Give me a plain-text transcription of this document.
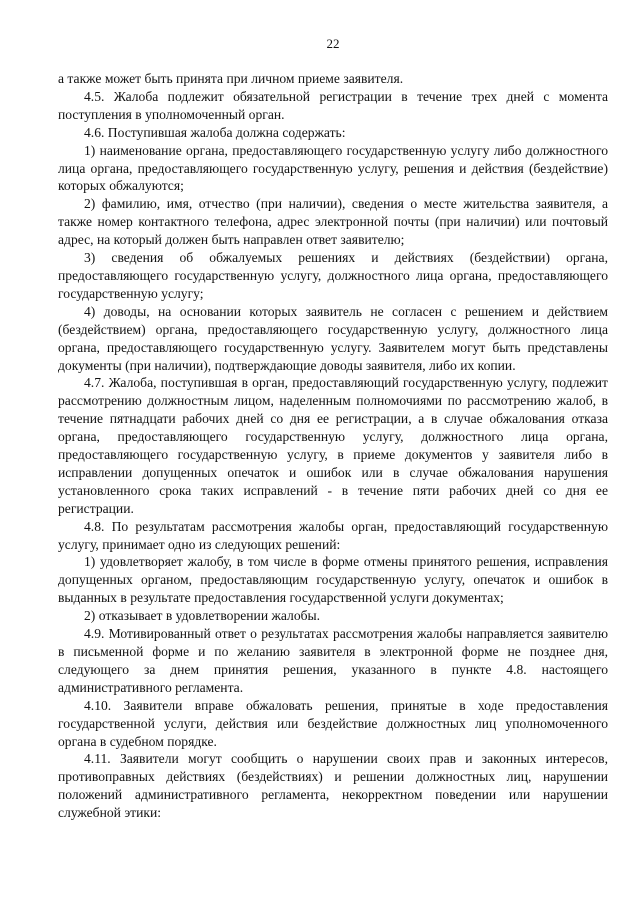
22

а также может быть принята при личном приеме заявителя.

4.5. Жалоба подлежит обязательной регистрации в течение трех дней с момента поступления в уполномоченный орган.

4.6. Поступившая жалоба должна содержать:

1) наименование органа, предоставляющего государственную услугу либо должностного лица органа, предоставляющего государственную услугу, решения и действия (бездействие) которых обжалуются;

2) фамилию, имя, отчество (при наличии), сведения о месте жительства заявителя, а также номер контактного телефона, адрес электронной почты (при наличии) или почтовый адрес, на который должен быть направлен ответ заявителю;

3) сведения об обжалуемых решениях и действиях (бездействии) органа, предоставляющего государственную услугу, должностного лица органа, предоставляющего государственную услугу;

4) доводы, на основании которых заявитель не согласен с решением и действием (бездействием) органа, предоставляющего государственную услугу, должностного лица органа, предоставляющего государственную услугу. Заявителем могут быть представлены документы (при наличии), подтверждающие доводы заявителя, либо их копии.

4.7. Жалоба, поступившая в орган, предоставляющий государственную услугу, подлежит рассмотрению должностным лицом, наделенным полномочиями по рассмотрению жалоб, в течение пятнадцати рабочих дней со дня ее регистрации, а в случае обжалования отказа органа, предоставляющего государственную услугу, должностного лица органа, предоставляющего государственную услугу, в приеме документов у заявителя либо в исправлении допущенных опечаток и ошибок или в случае обжалования нарушения установленного срока таких исправлений - в течение пяти рабочих дней со дня ее регистрации.

4.8. По результатам рассмотрения жалобы орган, предоставляющий государственную услугу, принимает одно из следующих решений:

1) удовлетворяет жалобу, в том числе в форме отмены принятого решения, исправления допущенных органом, предоставляющим государственную услугу, опечаток и ошибок в выданных в результате предоставления государственной услуги документах;

2) отказывает в удовлетворении жалобы.

4.9. Мотивированный ответ о результатах рассмотрения жалобы направляется заявителю в письменной форме и по желанию заявителя в электронной форме не позднее дня, следующего за днем принятия решения, указанного в пункте 4.8. настоящего административного регламента.

4.10. Заявители вправе обжаловать решения, принятые в ходе предоставления государственной услуги, действия или бездействие должностных лиц уполномоченного органа в судебном порядке.

4.11. Заявители могут сообщить о нарушении своих прав и законных интересов, противоправных действиях (бездействиях) и решении должностных лиц, нарушении положений административного регламента, некорректном поведении или нарушении служебной этики:
